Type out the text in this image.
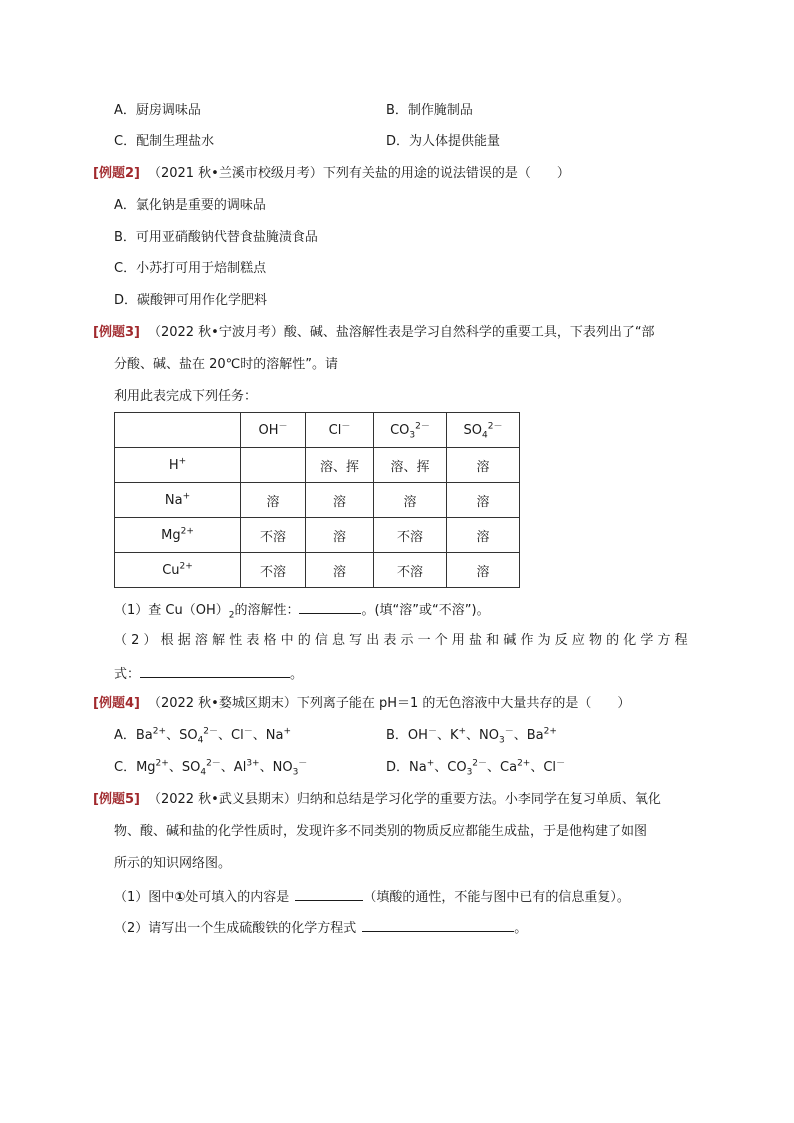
A．厨房调味品	B．制作腌制品
C．配制生理盐水	D．为人体提供能量
[例题2] （2021 秋•兰溪市校级月考）下列有关盐的用途的说法错误的是（　　）
A．氯化钠是重要的调味品
B．可用亚硝酸钠代替食盐腌渍食品
C．小苏打可用于焙制糕点
D．碳酸钾可用作化学肥料
[例题3] （2022 秋•宁波月考）酸、碱、盐溶解性表是学习自然科学的重要工具，下表列出了“部
分酸、碱、盐在 20℃时的溶解性”。请
利用此表完成下列任务：
	OH－	Cl－	$CO_3^{2-}$	$SO_4^{2-}$
H+		溶、挥	溶、挥	溶
Na+	溶	溶	溶	溶
$Mg^{2+}$	不溶	溶	不溶	溶
$Cu^{2+}$	不溶	溶	不溶	溶
（1）查 $Cu(OH)_2$的溶解性：	。(填“溶”或“不溶”)。
（ 2 ） 根 据 溶 解 性 表 格 中 的 信 息 写 出 表 示 一 个 用 盐 和 碱 作 为 反 应 物 的 化 学 方 程
式：	。
[例题4] （2022 秋•婺城区期末）下列离子能在 pH＝1 的无色溶液中大量共存的是（　　）
A．$Ba^{2+}$、$SO_4^{2-}$、Cl－、Na+	B．OH－、K+、$NO_3^-$、$Ba^{2+}$
C．$Mg^{2+}$、$SO_4^{2-}$、$Al^{3+}$、$NO_3^-$	D．Na+、$CO_3^{2-}$、$Ca^{2+}$、Cl－
[例题5] （2022 秋•武义县期末）归纳和总结是学习化学的重要方法。小李同学在复习单质、氧化
物、酸、碱和盐的化学性质时，发现许多不同类别的物质反应都能生成盐，于是他构建了如图
所示的知识网络图。
（1）图中①处可填入的内容是	（填酸的通性，不能与图中已有的信息重复）。
（2）请写出一个生成硫酸铁的化学方程式	。
